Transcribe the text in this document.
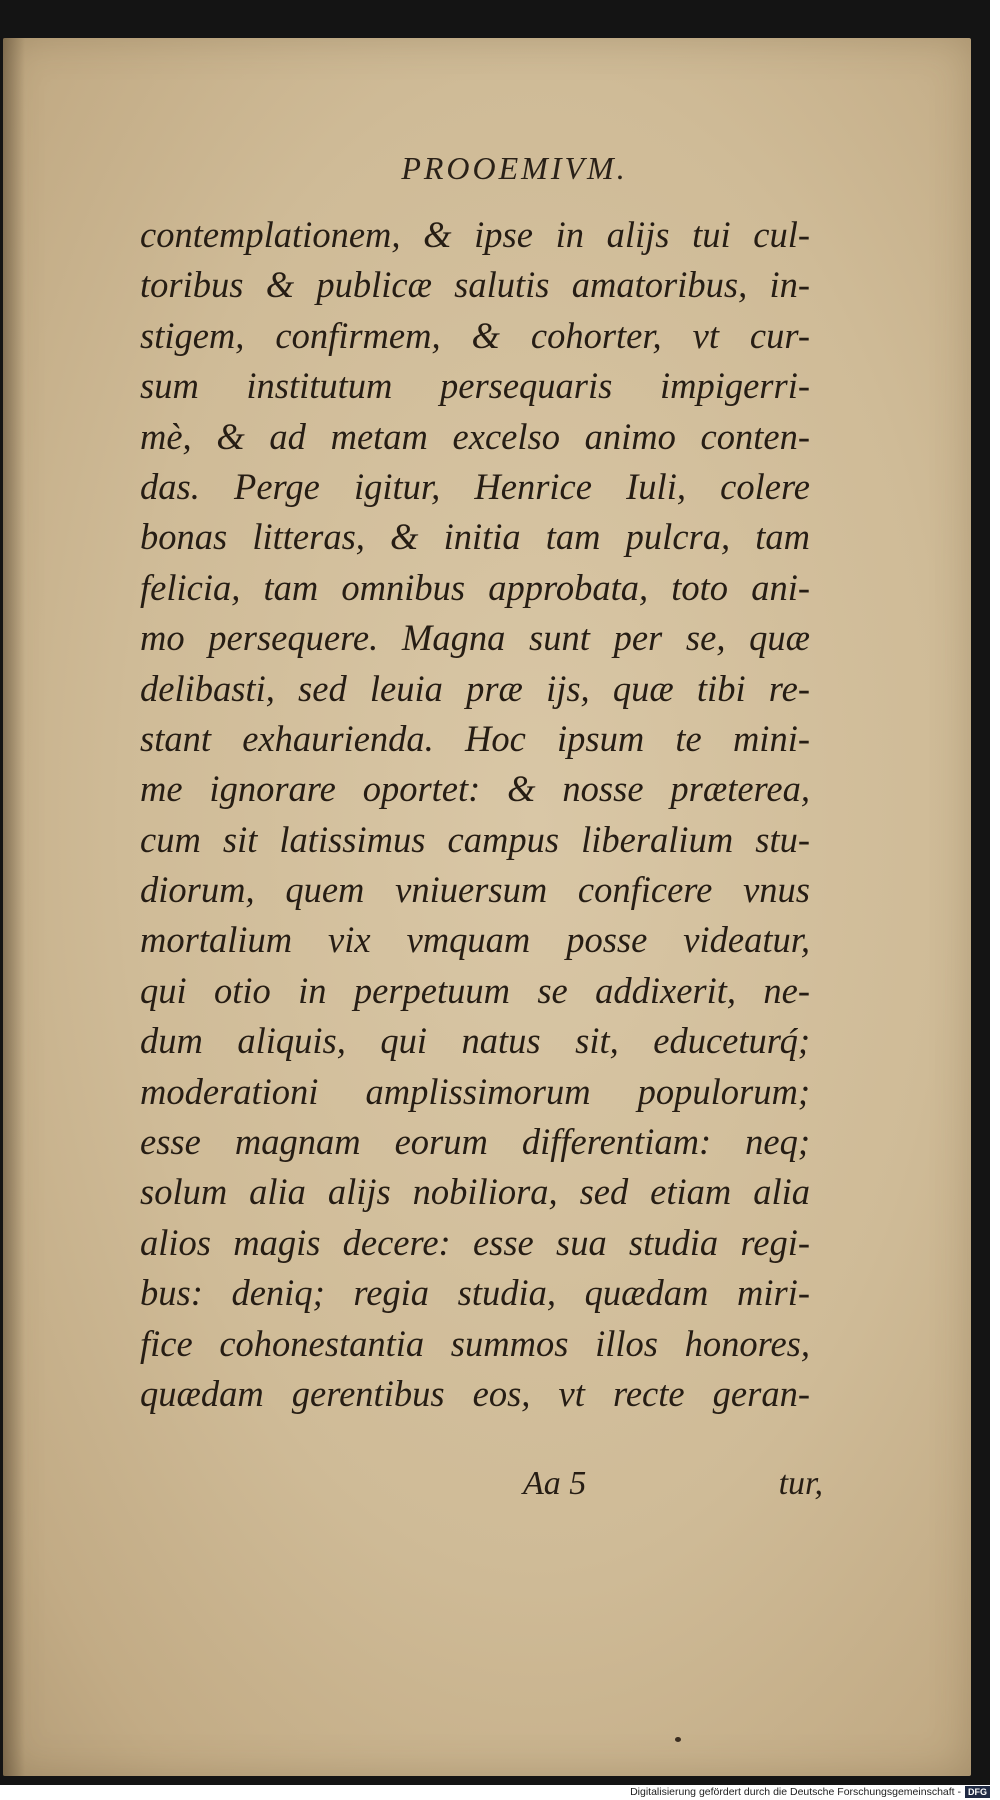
PROOEMIVM.
contemplationem, & ipse in alijs tui cul-
toribus & publicæ salutis amatoribus, in-
stigem, confirmem, & cohorter, vt cur-
sum institutum persequaris impigerri-
mè, & ad metam excelso animo conten-
das. Perge igitur, Henrice Iuli, colere
bonas litteras, & initia tam pulcra, tam
felicia, tam omnibus approbata, toto ani-
mo persequere. Magna sunt per se, quæ
delibasti, sed leuia præ ijs, quæ tibi re-
stant exhaurienda. Hoc ipsum te mini-
me ignorare oportet: & nosse præterea,
cum sit latissimus campus liberalium stu-
diorum, quem vniuersum conficere vnus
mortalium vix vmquam posse videatur,
qui otio in perpetuum se addixerit, ne-
dum aliquis, qui natus sit, educeturq́;
moderationi amplissimorum populorum;
esse magnam eorum differentiam: neq;
solum alia alijs nobiliora, sed etiam alia
alios magis decere: esse sua studia regi-
bus: deniq; regia studia, quædam miri-
fice cohonestantia summos illos honores,
quædam gerentibus eos, vt recte geran-
Aa 5	tur,
Digitalisierung gefördert durch die Deutsche Forschungsgemeinschaft - DFG
